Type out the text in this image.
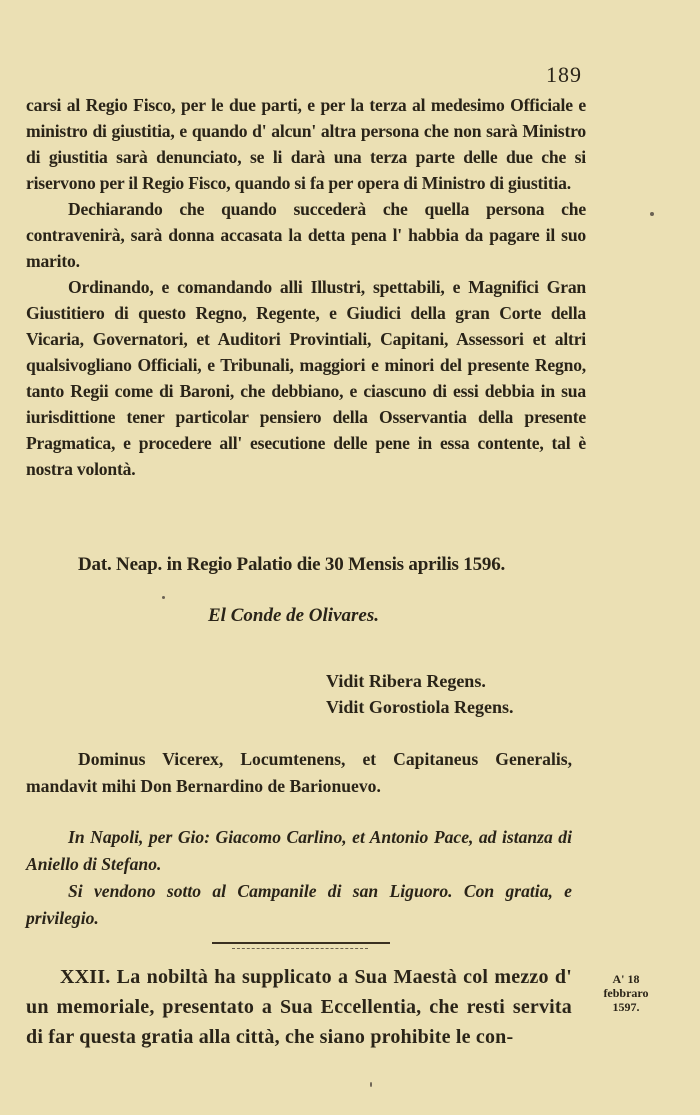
189

carsi al Regio Fisco, per le due parti, e per la terza al medesimo Officiale e ministro di giustitia, e quando d' alcun' altra persona che non sarà Ministro di giustitia sarà denunciato, se li darà una terza parte delle due che si riservono per il Regio Fisco, quando si fa per opera di Ministro di giustitia.

Dechiarando che quando succederà che quella persona che contravenirà, sarà donna accasata la detta pena l' habbia da pagare il suo marito.

Ordinando, e comandando alli Illustri, spettabili, e Magnifici Gran Giustitiero di questo Regno, Regente, e Giudici della gran Corte della Vicaria, Governatori, et Auditori Provintiali, Capitani, Assessori et altri qualsivogliano Officiali, e Tribunali, maggiori e minori del presente Regno, tanto Regii come di Baroni, che debbiano, e ciascuno di essi debbia in sua iurisdittione tener particolar pensiero della Osservantia della presente Pragmatica, e procedere all' esecutione delle pene in essa contente, tal è nostra volontà.

Dat. Neap. in Regio Palatio die 30 Mensis aprilis 1596.
El Conde de Olivares.
Vidit Ribera Regens.
Vidit Gorostiola Regens.
Dominus Vicerex, Locumtenens, et Capitaneus Generalis, mandavit mihi Don Bernardino de Barionuevo.

In Napoli, per Gio: Giacomo Carlino, et Antonio Pace, ad istanza di Aniello di Stefano.

Si vendono sotto al Campanile di san Liguoro. Con gratia, e privilegio.

XXII. La nobiltà ha supplicato a Sua Maestà col mezzo d' un memoriale, presentato a Sua Eccellentia, che resti servita di far questa gratia alla città, che siano prohibite le con-

A' 18
febbraro
1597.
